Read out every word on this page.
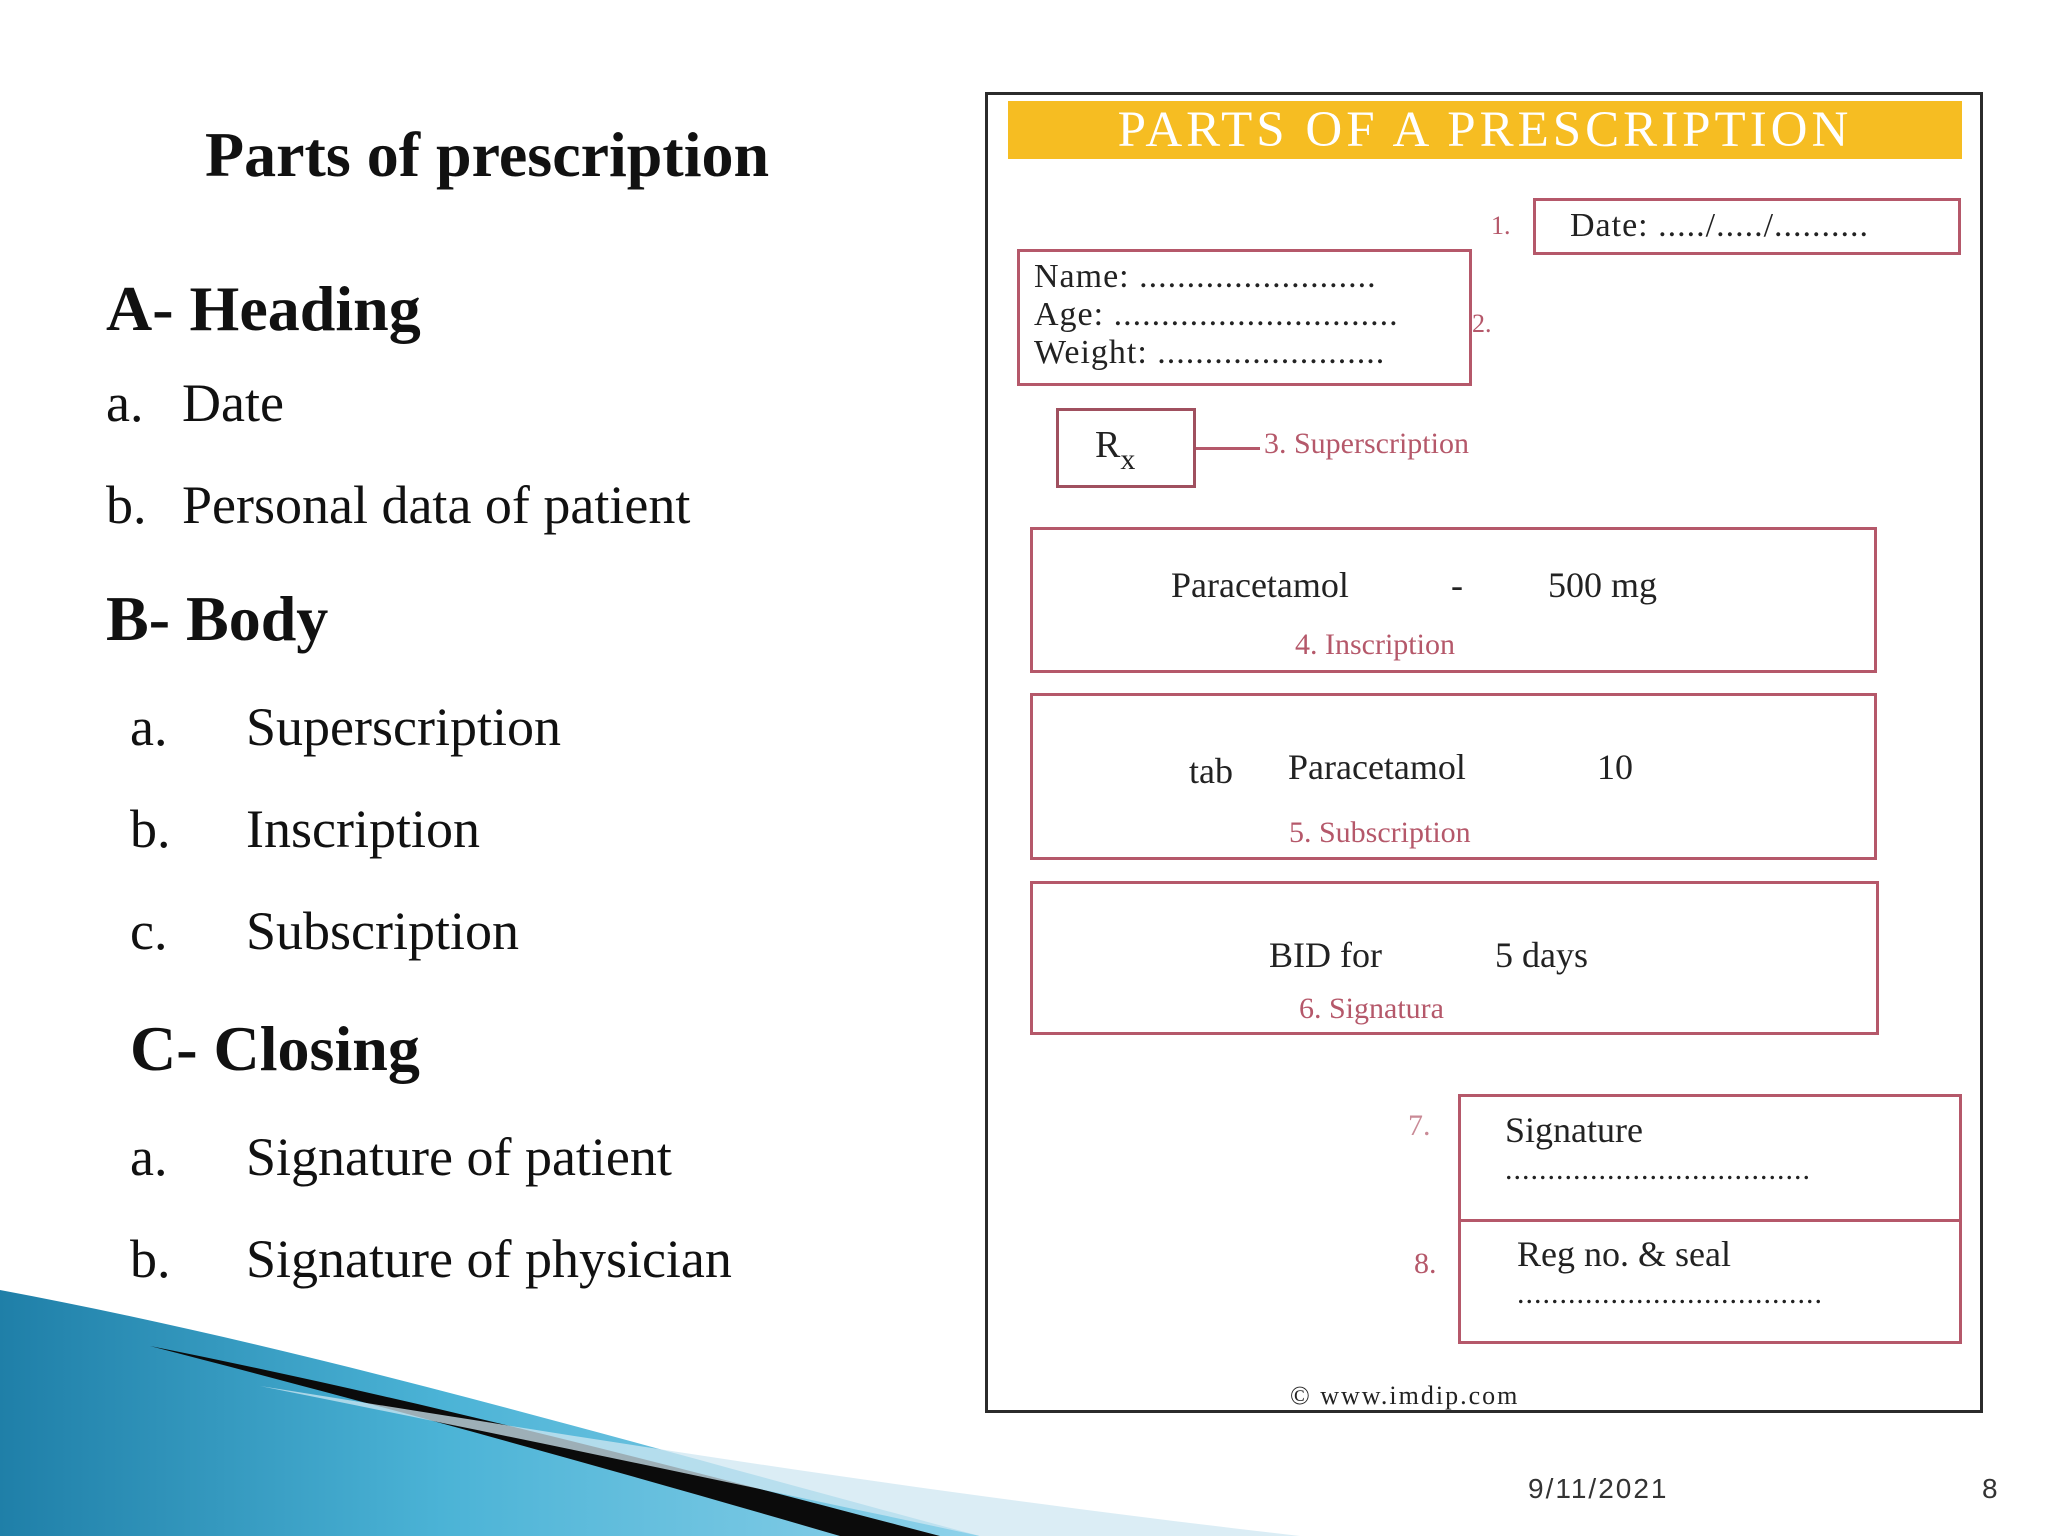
Parts of prescription
A- Heading
a. Date
b. Personal data of patient
B- Body
a. Superscription
b. Inscription
c. Subscription
C- Closing
a. Signature of patient
b. Signature of physician
PARTS OF A PRESCRIPTION
1. Date: ...../...../..........
Name: .........................
Age: ..............................
Weight: ........................
2.
$R_x$	3. Superscription
Paracetamol	- 500 mg
4. Inscription
tab Paracetamol	10
5. Subscription
BID for	5 days
6. Signatura
7. Signature
....................................
Reg no. & seal
....................................
8.
© www.imdip.com
9/11/2021	8
